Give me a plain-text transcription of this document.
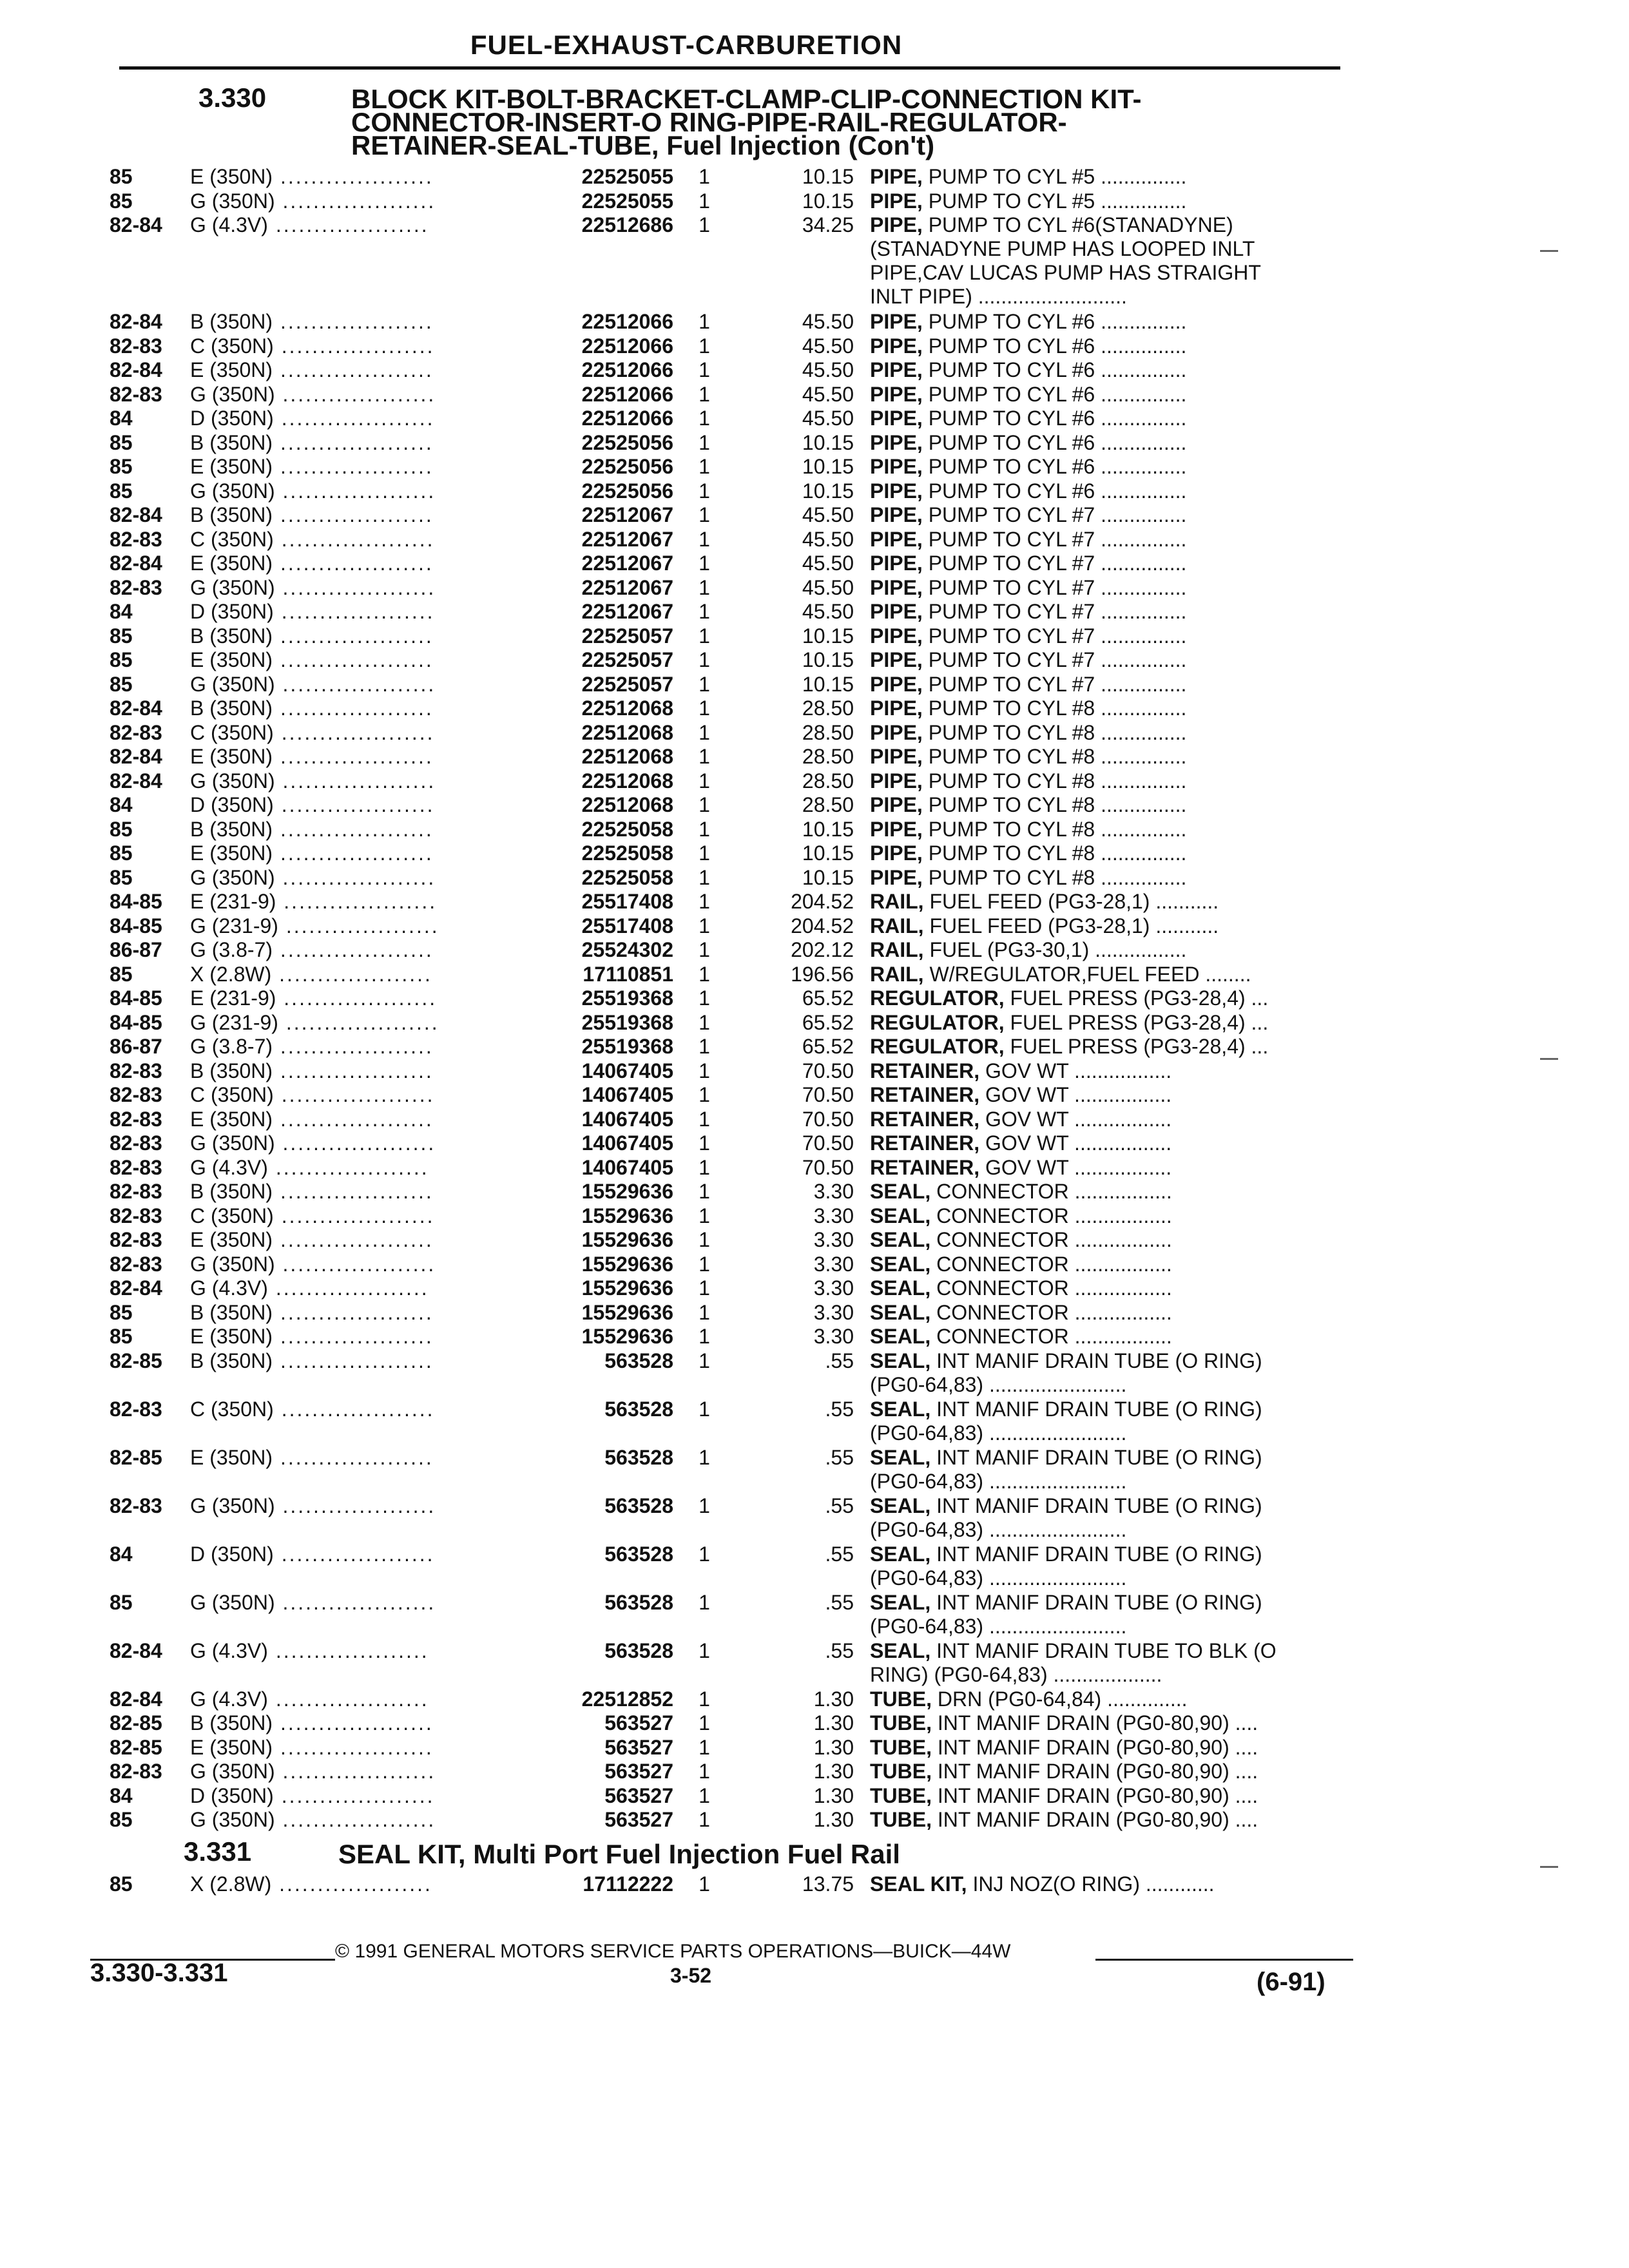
FUEL-EXHAUST-CARBURETION
3.330	BLOCK KIT-BOLT-BRACKET-CLAMP-CLIP-CONNECTION KIT-
CONNECTOR-INSERT-O RING-PIPE-RAIL-REGULATOR-
RETAINER-SEAL-TUBE, Fuel Injection (Con't)
85	E (350N) ....................	22525055	1	10.15 PIPE, PUMP TO CYL #5 ...............
85	G (350N) ....................	22525055	1	10.15 PIPE, PUMP TO CYL #5 ...............
82-84	G (4.3V) ....................	22512686	1	34.25 PIPE, PUMP TO CYL #6(STANADYNE)
(STANADYNE PUMP HAS LOOPED INLT
PIPE,CAV LUCAS PUMP HAS STRAIGHT
INLT PIPE) ..........................
82-84	B (350N) ....................	22512066	1	45.50 PIPE, PUMP TO CYL #6 ...............
82-83	C (350N) ....................	22512066	1	45.50 PIPE, PUMP TO CYL #6 ...............
82-84	E (350N) ....................	22512066	1	45.50 PIPE, PUMP TO CYL #6 ...............
82-83	G (350N) ....................	22512066	1	45.50 PIPE, PUMP TO CYL #6 ...............
84	D (350N) ....................	22512066	1	45.50 PIPE, PUMP TO CYL #6 ...............
85	B (350N) ....................	22525056	1	10.15 PIPE, PUMP TO CYL #6 ...............
85	E (350N) ....................	22525056	1	10.15 PIPE, PUMP TO CYL #6 ...............
85	G (350N) ....................	22525056	1	10.15 PIPE, PUMP TO CYL #6 ...............
82-84	B (350N) ....................	22512067	1	45.50 PIPE, PUMP TO CYL #7 ...............
82-83	C (350N) ....................	22512067	1	45.50 PIPE, PUMP TO CYL #7 ...............
82-84	E (350N) ....................	22512067	1	45.50 PIPE, PUMP TO CYL #7 ...............
82-83	G (350N) ....................	22512067	1	45.50 PIPE, PUMP TO CYL #7 ...............
84	D (350N) ....................	22512067	1	45.50 PIPE, PUMP TO CYL #7 ...............
85	B (350N) ....................	22525057	1	10.15 PIPE, PUMP TO CYL #7 ...............
85	E (350N) ....................	22525057	1	10.15 PIPE, PUMP TO CYL #7 ...............
85	G (350N) ....................	22525057	1	10.15 PIPE, PUMP TO CYL #7 ...............
82-84	B (350N) ....................	22512068	1	28.50 PIPE, PUMP TO CYL #8 ...............
82-83	C (350N) ....................	22512068	1	28.50 PIPE, PUMP TO CYL #8 ...............
82-84	E (350N) ....................	22512068	1	28.50 PIPE, PUMP TO CYL #8 ...............
82-84	G (350N) ....................	22512068	1	28.50 PIPE, PUMP TO CYL #8 ...............
84	D (350N) ....................	22512068	1	28.50 PIPE, PUMP TO CYL #8 ...............
85	B (350N) ....................	22525058	1	10.15 PIPE, PUMP TO CYL #8 ...............
85	E (350N) ....................	22525058	1	10.15 PIPE, PUMP TO CYL #8 ...............
85	G (350N) ....................	22525058	1	10.15 PIPE, PUMP TO CYL #8 ...............
84-85	E (231-9) ....................	25517408	1	204.52 RAIL, FUEL FEED (PG3-28,1) ...........
84-85	G (231-9) ....................	25517408	1	204.52 RAIL, FUEL FEED (PG3-28,1) ...........
86-87	G (3.8-7) ....................	25524302	1	202.12 RAIL, FUEL (PG3-30,1) ................
85	X (2.8W) ....................	17110851	1	196.56 RAIL, W/REGULATOR,FUEL FEED ........
84-85	E (231-9) ....................	25519368	1	65.52 REGULATOR, FUEL PRESS (PG3-28,4) ...
84-85	G (231-9) ....................	25519368	1	65.52 REGULATOR, FUEL PRESS (PG3-28,4) ...
86-87	G (3.8-7) ....................	25519368	1	65.52 REGULATOR, FUEL PRESS (PG3-28,4) ...
82-83	B (350N) ....................	14067405	1	70.50 RETAINER, GOV WT .................
82-83	C (350N) ....................	14067405	1	70.50 RETAINER, GOV WT .................
82-83	E (350N) ....................	14067405	1	70.50 RETAINER, GOV WT .................
82-83	G (350N) ....................	14067405	1	70.50 RETAINER, GOV WT .................
82-83	G (4.3V) ....................	14067405	1	70.50 RETAINER, GOV WT .................
82-83	B (350N) ....................	15529636	1	3.30 SEAL, CONNECTOR .................
82-83	C (350N) ....................	15529636	1	3.30 SEAL, CONNECTOR .................
82-83	E (350N) ....................	15529636	1	3.30 SEAL, CONNECTOR .................
82-83	G (350N) ....................	15529636	1	3.30 SEAL, CONNECTOR .................
82-84	G (4.3V) ....................	15529636	1	3.30 SEAL, CONNECTOR .................
85	B (350N) ....................	15529636	1	3.30 SEAL, CONNECTOR .................
85	E (350N) ....................	15529636	1	3.30 SEAL, CONNECTOR .................
82-85	B (350N) ....................	563528	1	.55 SEAL, INT MANIF DRAIN TUBE (O RING)
(PG0-64,83) ........................
82-83	C (350N) ....................	563528	1	.55 SEAL, INT MANIF DRAIN TUBE (O RING)
(PG0-64,83) ........................
82-85	E (350N) ....................	563528	1	.55 SEAL, INT MANIF DRAIN TUBE (O RING)
(PG0-64,83) ........................
82-83	G (350N) ....................	563528	1	.55 SEAL, INT MANIF DRAIN TUBE (O RING)
(PG0-64,83) ........................
84	D (350N) ....................	563528	1	.55 SEAL, INT MANIF DRAIN TUBE (O RING)
(PG0-64,83) ........................
85	G (350N) ....................	563528	1	.55 SEAL, INT MANIF DRAIN TUBE (O RING)
(PG0-64,83) ........................
82-84	G (4.3V) ....................	563528	1	.55 SEAL, INT MANIF DRAIN TUBE TO BLK (O
RING) (PG0-64,83) ...................
82-84	G (4.3V) ....................	22512852	1	1.30 TUBE, DRN (PG0-64,84) ..............
82-85	B (350N) ....................	563527	1	1.30 TUBE, INT MANIF DRAIN (PG0-80,90) ....
82-85	E (350N) ....................	563527	1	1.30 TUBE, INT MANIF DRAIN (PG0-80,90) ....
82-83	G (350N) ....................	563527	1	1.30 TUBE, INT MANIF DRAIN (PG0-80,90) ....
84	D (350N) ....................	563527	1	1.30 TUBE, INT MANIF DRAIN (PG0-80,90) ....
85	G (350N) ....................	563527	1	1.30 TUBE, INT MANIF DRAIN (PG0-80,90) ....
3.331	SEAL KIT, Multi Port Fuel Injection Fuel Rail
85	X (2.8W) ....................	17112222	1	13.75 SEAL KIT, INJ NOZ(O RING) ............
© 1991 GENERAL MOTORS SERVICE PARTS OPERATIONS—BUICK—44W
3.330-3.331	3-52	(6-91)
